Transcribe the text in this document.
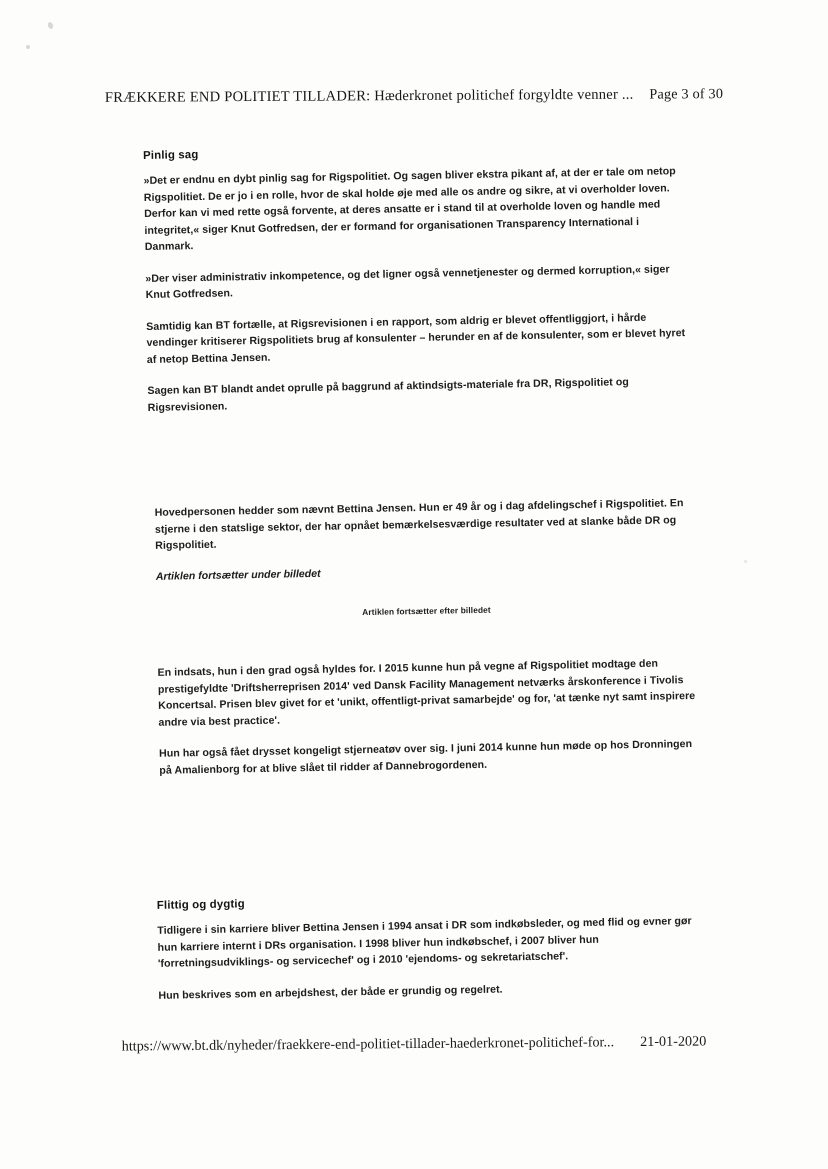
FRÆKKERE END POLITIET TILLADER: Hæderkronet politichef forgyldte venner ... Page 3 of 30
Pinlig sag

»Det er endnu en dybt pinlig sag for Rigspolitiet. Og sagen bliver ekstra pikant af, at der er tale om netop Rigspolitiet. De er jo i en rolle, hvor de skal holde øje med alle os andre og sikre, at vi overholder loven. Derfor kan vi med rette også forvente, at deres ansatte er i stand til at overholde loven og handle med integritet,« siger Knut Gotfredsen, der er formand for organisationen Transparency International i Danmark.

»Der viser administrativ inkompetence, og det ligner også vennetjenester og dermed korruption,« siger Knut Gotfredsen.

Samtidig kan BT fortælle, at Rigsrevisionen i en rapport, som aldrig er blevet offentliggjort, i hårde vendinger kritiserer Rigspolitiets brug af konsulenter – herunder en af de konsulenter, som er blevet hyret af netop Bettina Jensen.

Sagen kan BT blandt andet oprulle på baggrund af aktindsigts-materiale fra DR, Rigspolitiet og Rigsrevisionen.

Hovedpersonen hedder som nævnt Bettina Jensen. Hun er 49 år og i dag afdelingschef i Rigspolitiet. En stjerne i den statslige sektor, der har opnået bemærkelsesværdige resultater ved at slanke både DR og Rigspolitiet.

Artiklen fortsætter under billedet

Artiklen fortsætter efter billedet

En indsats, hun i den grad også hyldes for. I 2015 kunne hun på vegne af Rigspolitiet modtage den prestigefyldte 'Driftsherreprisen 2014' ved Dansk Facility Management netværks årskonference i Tivolis Koncertsal. Prisen blev givet for et 'unikt, offentligt-privat samarbejde' og for, 'at tænke nyt samt inspirere andre via best practice'.

Hun har også fået drysset kongeligt stjerneatøv over sig. I juni 2014 kunne hun møde op hos Dronningen på Amalienborg for at blive slået til ridder af Dannebrogordenen.

Flittig og dygtig

Tidligere i sin karriere bliver Bettina Jensen i 1994 ansat i DR som indkøbsleder, og med flid og evner gør hun karriere internt i DRs organisation. I 1998 bliver hun indkøbschef, i 2007 bliver hun 'forretningsudviklings- og servicechef' og i 2010 'ejendoms- og sekretariatschef'.

Hun beskrives som en arbejdshest, der både er grundig og regelret.

https://www.bt.dk/nyheder/fraekkere-end-politiet-tillader-haederkronet-politichef-for... 21-01-2020
